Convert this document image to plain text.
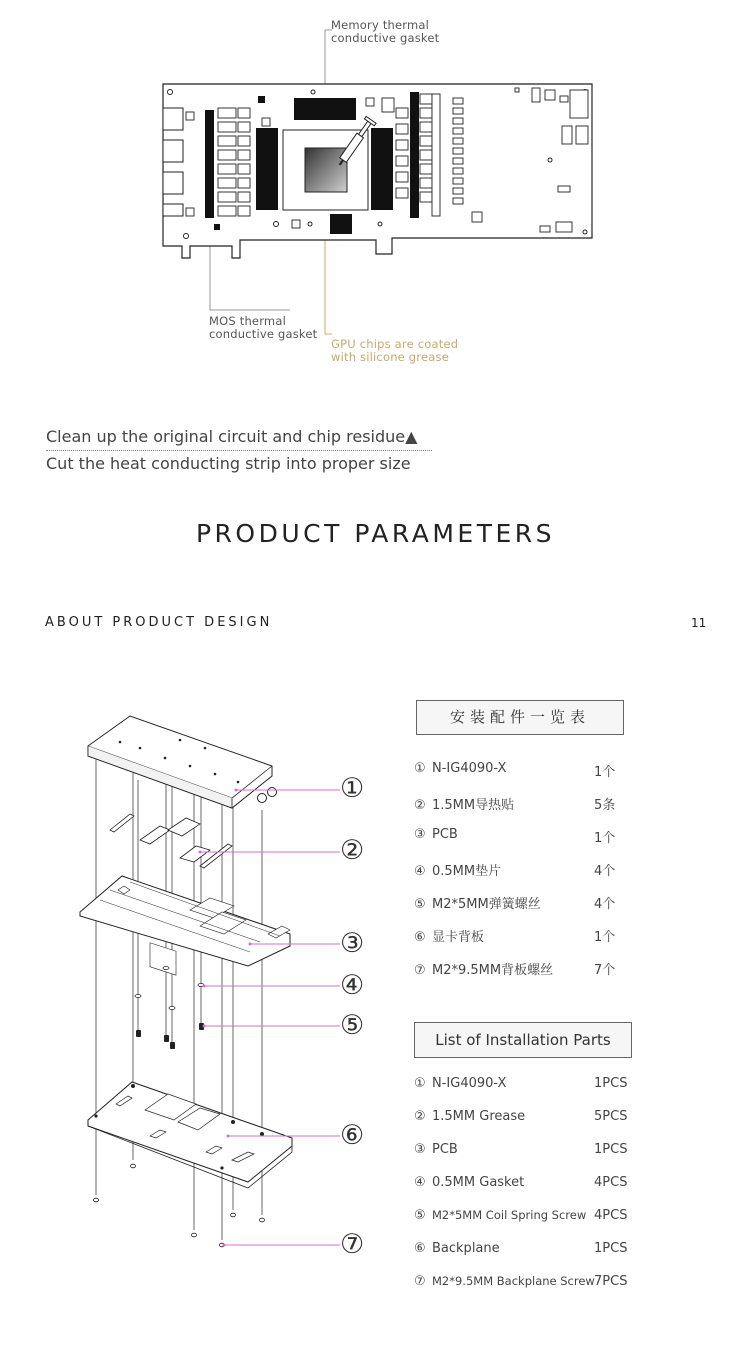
Memory thermal
conductive gasket
MOS thermal
conductive gasket
GPU chips are coated
with silicone grease
Clean up the original circuit and chip residue▲
Cut the heat conducting strip into proper size
PRODUCT PARAMETERS
ABOUT PRODUCT DESIGN	11
①
②
③
④
⑤
⑥
⑦
安装配件一览表
① N-IG4090-X	1个
② 1.5MM导热贴	5条
③ PCB	1个
④ 0.5MM垫片	4个
⑤ M2*5MM弹簧螺丝	4个
⑥ 显卡背板	1个
⑦ M2*9.5MM背板螺丝	7个
List of Installation Parts
① N-IG4090-X	1PCS
② 1.5MM Grease	5PCS
③ PCB	1PCS
④ 0.5MM Gasket	4PCS
⑤ M2*5MM Coil Spring Screw 4PCS
⑥ Backplane	1PCS
⑦ M2*9.5MM Backplane Screw 7PCS
